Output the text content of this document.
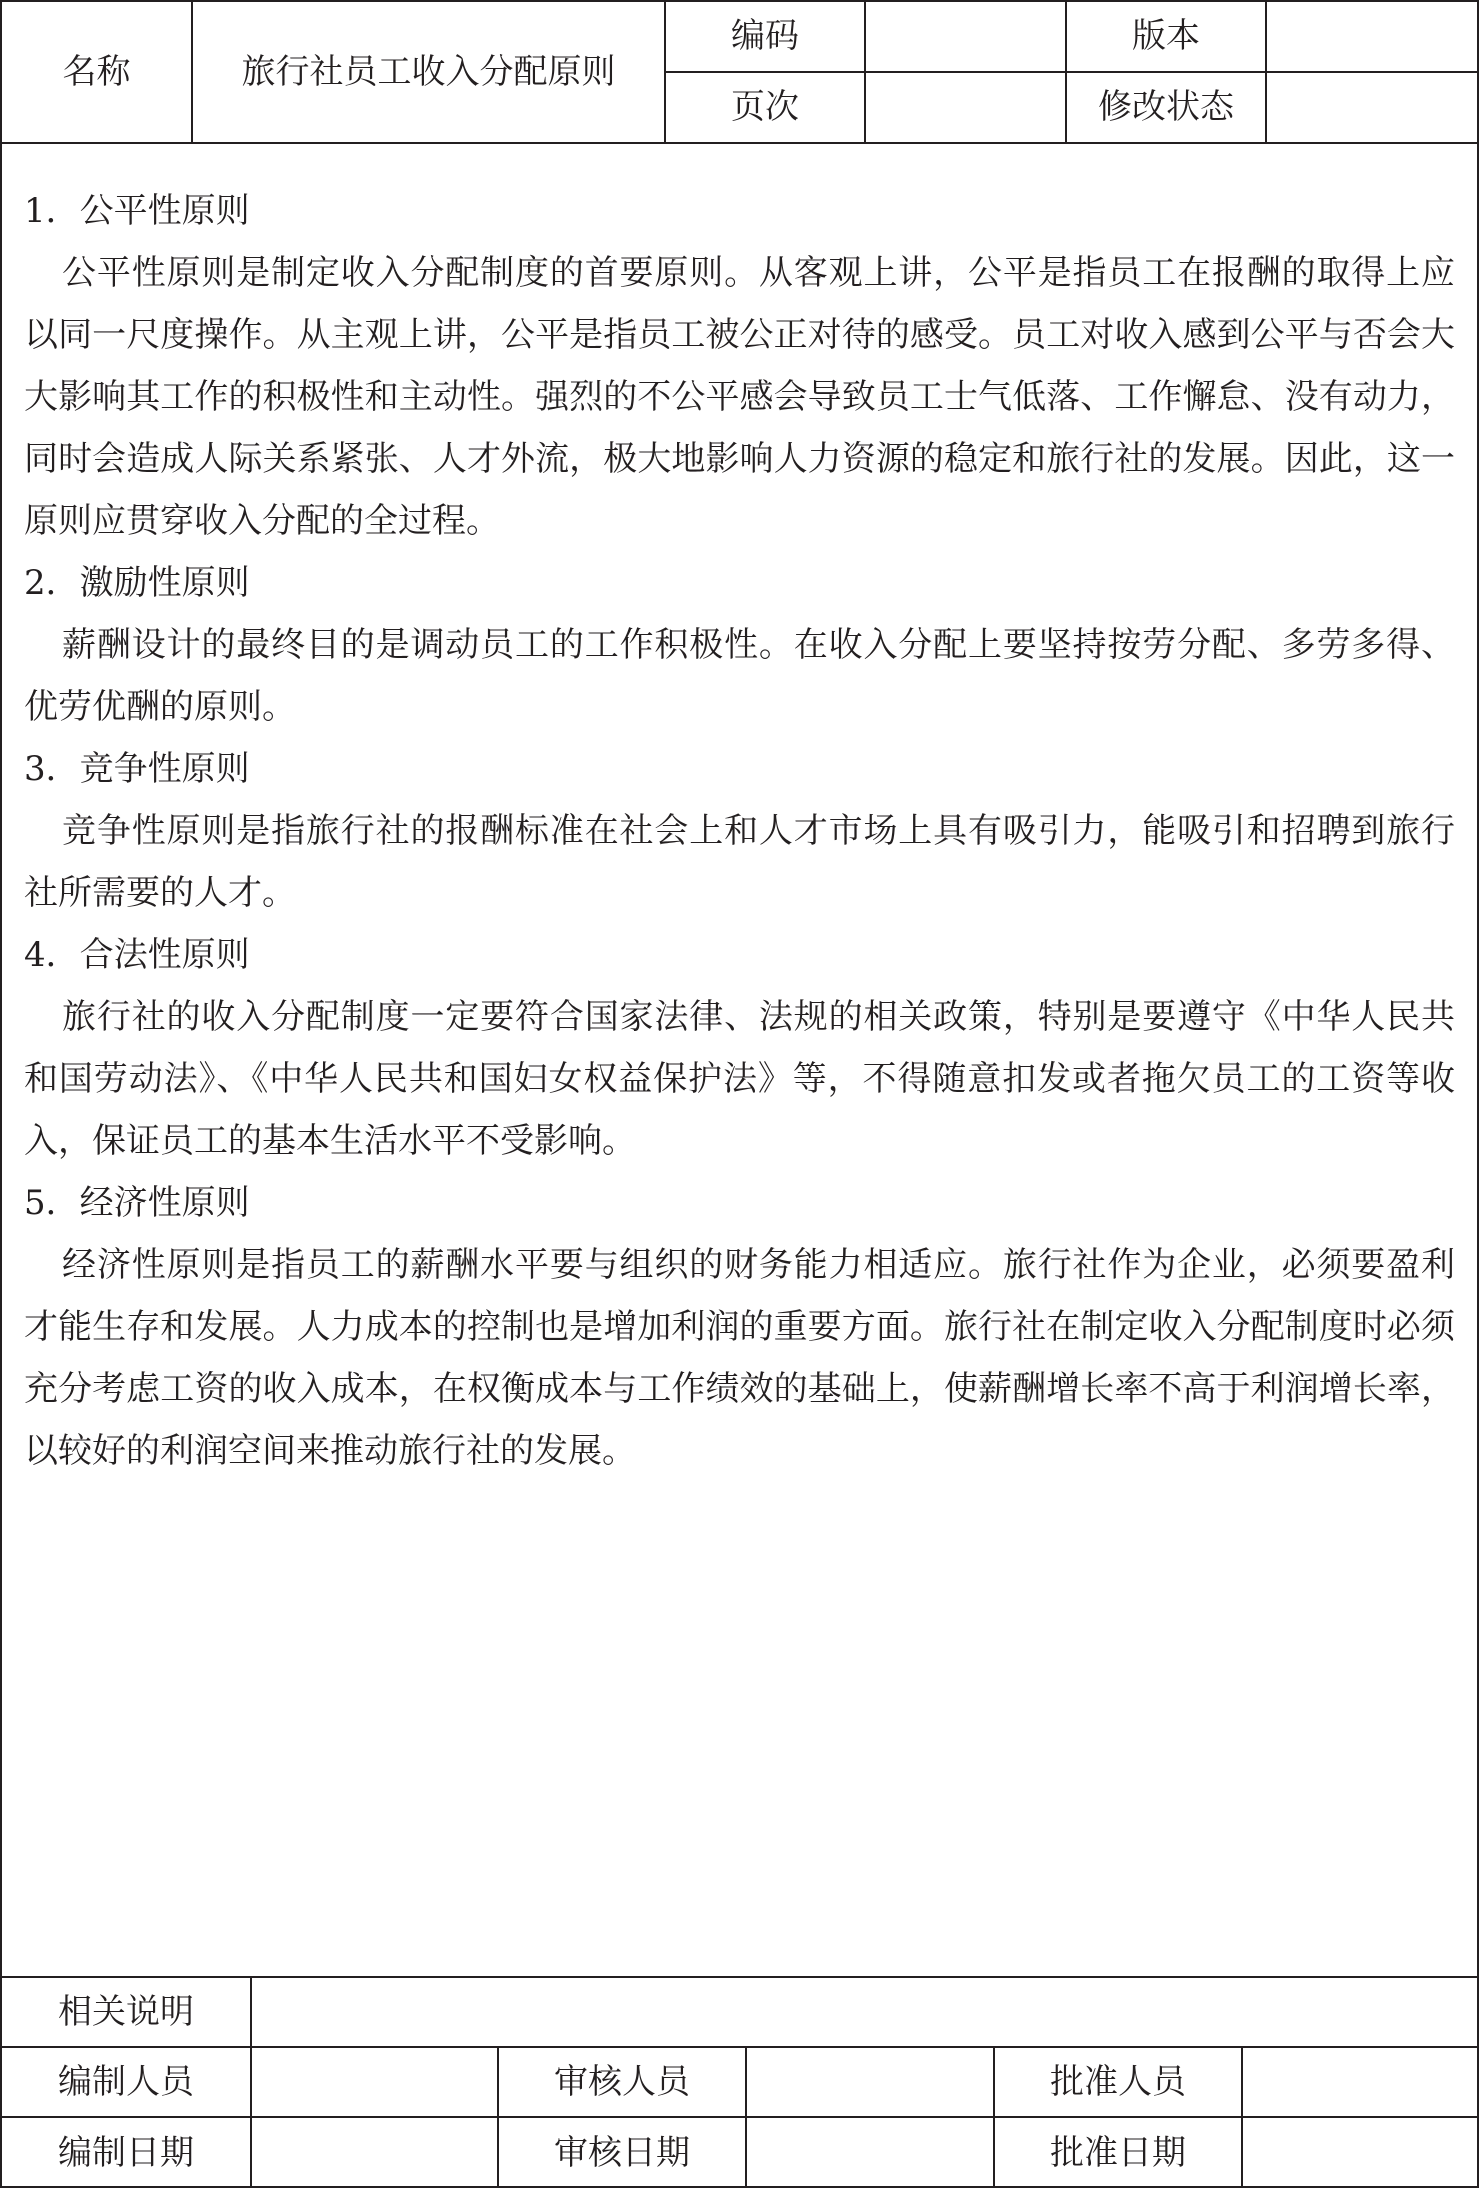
名称	旅行社员工收入分配原则	编码		版本	
		页次		修改状态	

1．公平性原则

公平性原则是制定收入分配制度的首要原则。从客观上讲，公平是指员工在报酬的取得上应以同一尺度操作。从主观上讲，公平是指员工被公正对待的感受。员工对收入感到公平与否会大大影响其工作的积极性和主动性。强烈的不公平感会导致员工士气低落、工作懈怠、没有动力，同时会造成人际关系紧张、人才外流，极大地影响人力资源的稳定和旅行社的发展。因此，这一原则应贯穿收入分配的全过程。

2．激励性原则

薪酬设计的最终目的是调动员工的工作积极性。在收入分配上要坚持按劳分配、多劳多得、优劳优酬的原则。

3．竞争性原则

竞争性原则是指旅行社的报酬标准在社会上和人才市场上具有吸引力，能吸引和招聘到旅行社所需要的人才。

4．合法性原则

旅行社的收入分配制度一定要符合国家法律、法规的相关政策，特别是要遵守《中华人民共和国劳动法》、《中华人民共和国妇女权益保护法》等，不得随意扣发或者拖欠员工的工资等收入，保证员工的基本生活水平不受影响。

5．经济性原则

经济性原则是指员工的薪酬水平要与组织的财务能力相适应。旅行社作为企业，必须要盈利才能生存和发展。人力成本的控制也是增加利润的重要方面。旅行社在制定收入分配制度时必须充分考虑工资的收入成本，在权衡成本与工作绩效的基础上，使薪酬增长率不高于利润增长率，以较好的利润空间来推动旅行社的发展。

相关说明					
编制人员		审核人员		批准人员	
编制日期		审核日期		批准日期	
